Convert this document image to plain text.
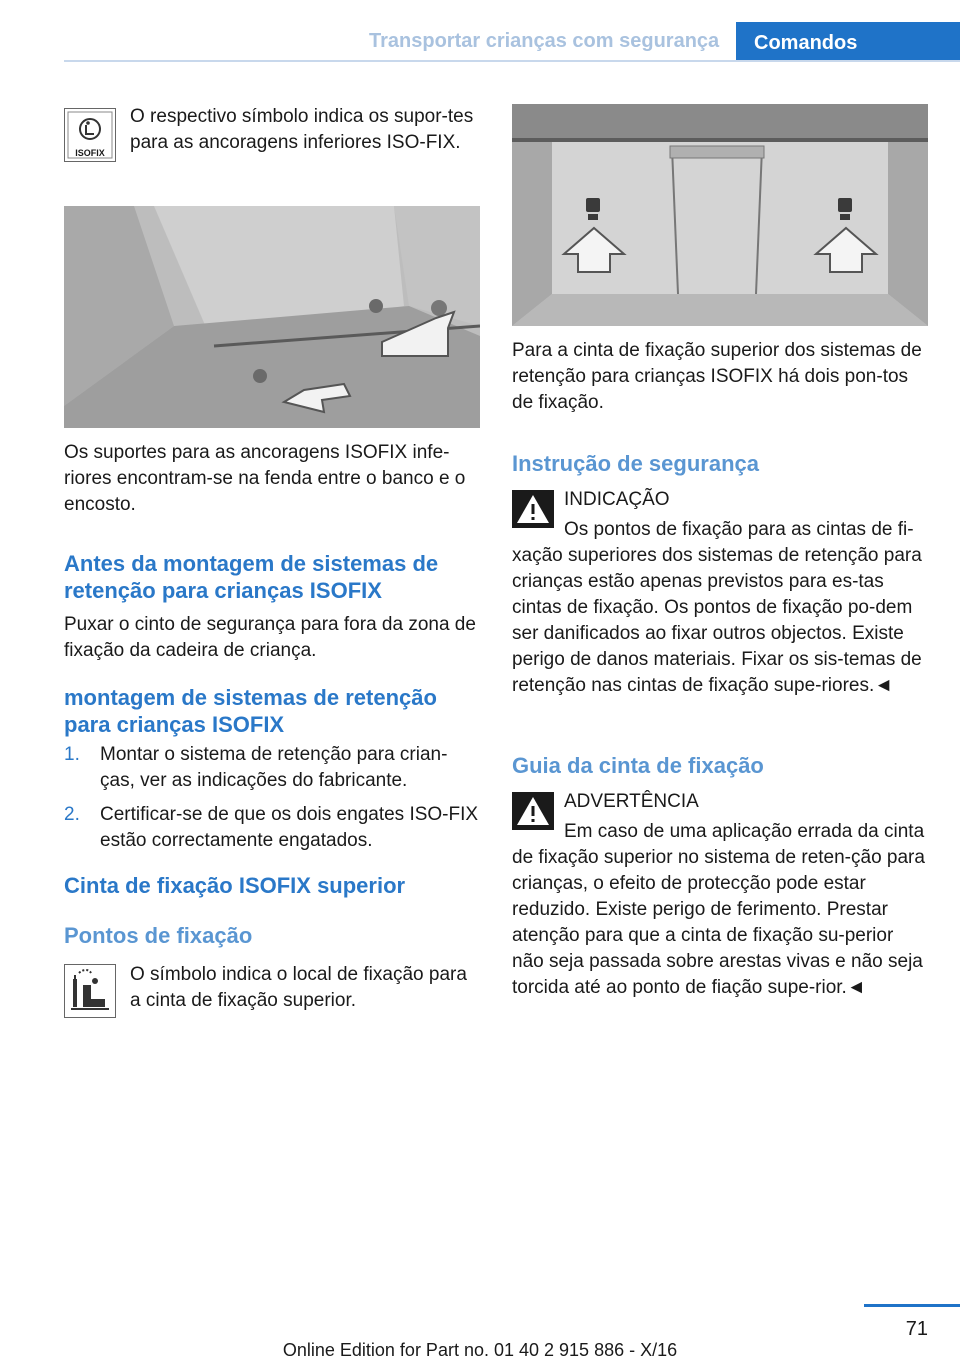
Transportar crianças com segurança	Comandos
ISOFIX

O respectivo símbolo indica os supor-tes para as ancoragens inferiores ISO-FIX.

Os suportes para as ancoragens ISOFIX infe-riores encontram-se na fenda entre o banco e o encosto.

Antes da montagem de sistemas de retenção para crianças ISOFIX

Puxar o cinto de segurança para fora da zona de fixação da cadeira de criança.

montagem de sistemas de retenção para crianças ISOFIX
1. Montar o sistema de retenção para crian-ças, ver as indicações do fabricante.
2. Certificar-se de que os dois engates ISO-FIX estão correctamente engatados.
Cinta de fixação ISOFIX superior
Pontos de fixação

O símbolo indica o local de fixação para a cinta de fixação superior.

Para a cinta de fixação superior dos sistemas de retenção para crianças ISOFIX há dois pon-tos de fixação.

Instrução de segurança
INDICAÇÃO
Os pontos de fixação para as cintas de fi-xação superiores dos sistemas de retenção para crianças estão apenas previstos para es-tas cintas de fixação. Os pontos de fixação po-dem ser danificados ao fixar outros objectos. Existe perigo de danos materiais. Fixar os sis-temas de retenção nas cintas de fixação supe-riores.◄
Guia da cinta de fixação
ADVERTÊNCIA
Em caso de uma aplicação errada da cinta de fixação superior no sistema de reten-ção para crianças, o efeito de protecção pode estar reduzido. Existe perigo de ferimento. Prestar atenção para que a cinta de fixação su-perior não seja passada sobre arestas vivas e não seja torcida até ao ponto de fiação supe-rior.◄
71
Online Edition for Part no. 01 40 2 915 886 - X/16
